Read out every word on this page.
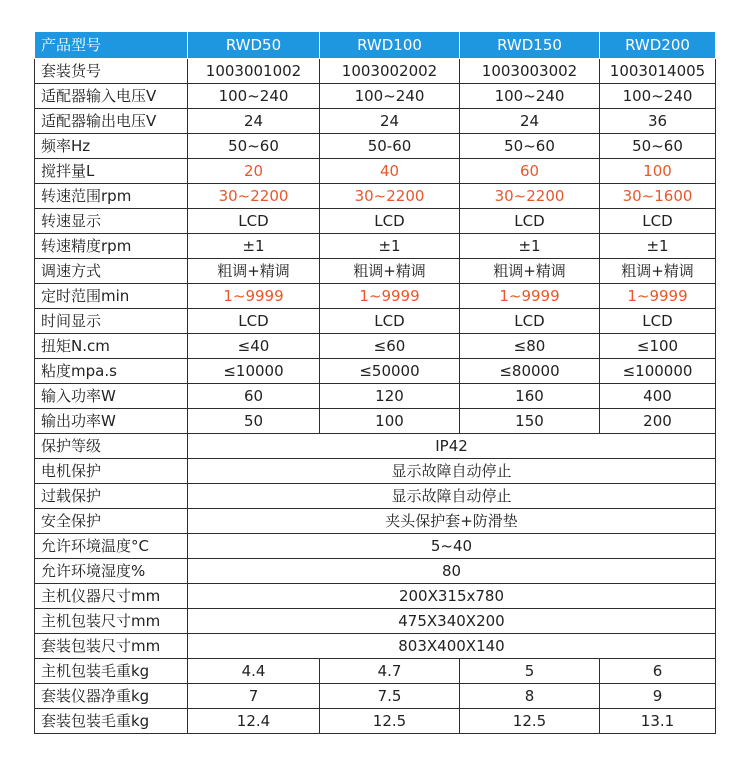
产品型号	RWD50	RWD100	RWD150	RWD200
套装货号	1003001002	1003002002	1003003002	1003014005
适配器输入电压V	100~240	100~240	100~240	100~240
适配器输出电压V	24	24	24	36
频率Hz	50~60	50-60	50~60	50~60
搅拌量L	20	40	60	100
转速范围rpm	30~2200	30~2200	30~2200	30~1600
转速显示	LCD	LCD	LCD	LCD
转速精度rpm	±1	±1	±1	±1
调速方式	粗调+精调	粗调+精调	粗调+精调	粗调+精调
定时范围min	1~9999	1~9999	1~9999	1~9999
时间显示	LCD	LCD	LCD	LCD
扭矩N.cm	≤40	≤60	≤80	≤100
粘度mpa.s	≤10000	≤50000	≤80000	≤100000
输入功率W	60	120	160	400
输出功率W	50	100	150	200
保护等级	IP42			
电机保护	显示故障自动停止			
过载保护	显示故障自动停止			
安全保护	夹头保护套+防滑垫			
允许环境温度°C	5~40			
允许环境湿度%	80			
主机仪器尺寸mm	200X315x780			
主机包装尺寸mm	475X340X200			
套装包装尺寸mm	803X400X140			
主机包装毛重kg	4.4	4.7	5	6
套装仪器净重kg	7	7.5	8	9
套装包装毛重kg	12.4	12.5	12.5	13.1
